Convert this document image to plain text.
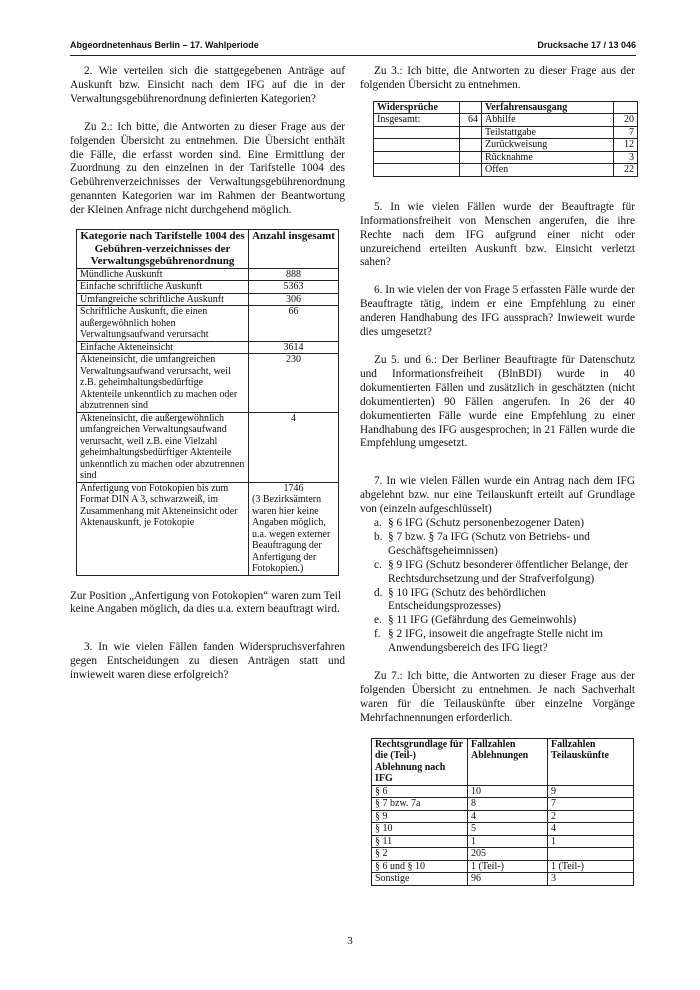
Abgeordnetenhaus Berlin – 17. Wahlperiode	Drucksache 17 / 13 046

2. Wie verteilen sich die stattgegebenen Anträge auf Auskunft bzw. Einsicht nach dem IFG auf die in der Verwaltungsgebührenordnung definierten Kategorien?

Zu 2.: Ich bitte, die Antworten zu dieser Frage aus der folgenden Übersicht zu entnehmen. Die Übersicht enthält die Fälle, die erfasst worden sind. Eine Ermittlung der Zuordnung zu den einzelnen in der Tarifstelle 1004 des Gebührenverzeichnisses der Verwaltungsgebührenordnung genannten Kategorien war im Rahmen der Beantwortung der Kleinen Anfrage nicht durchgehend möglich.

Kategorie nach Tarifstelle 1004 des Gebühren-verzeichnisses der Verwaltungsgebührenordnung	Anzahl insgesamt
Mündliche Auskunft	888
Einfache schriftliche Auskunft	5363
Umfangreiche schriftliche Auskunft	306
Schriftliche Auskunft, die einen außergewöhnlich hohen Verwaltungsaufwand verursacht	66
Einfache Akteneinsicht	3614
Akteneinsicht, die umfangreichen Verwaltungsaufwand verursacht, weil z.B. geheimhaltungsbedürftige Aktenteile unkenntlich zu machen oder abzutrennen sind	230
Akteneinsicht, die außergewöhnlich umfangreichen Verwaltungsaufwand verursacht, weil z.B. eine Vielzahl geheimhaltungsbedürftiger Aktenteile unkenntlich zu machen oder abzutrennen sind	4
Anfertigung von Fotokopien bis zum Format DIN A 3, schwarzweiß, im Zusammenhang mit Akteneinsicht oder Aktenauskunft, je Fotokopie	1746
(3 Bezirksämtern waren hier keine Angaben möglich, u.a. wegen externer Beauftragung der Anfertigung der Fotokopien.)

Zur Position „Anfertigung von Fotokopien“ waren zum Teil keine Angaben möglich, da dies u.a. extern beauftragt wird.

3. In wie vielen Fällen fanden Widerspruchsverfahren gegen Entscheidungen zu diesen Anträgen statt und inwieweit waren diese erfolgreich?

Zu 3.: Ich bitte, die Antworten zu dieser Frage aus der folgenden Übersicht zu entnehmen.

Widersprüche		Verfahrensausgang	
Insgesamt:	64	Abhilfe	20
		Teilstattgabe	7
		Zurückweisung	12
		Rücknahme	3
		Offen	22

5. In wie vielen Fällen wurde der Beauftragte für Informationsfreiheit von Menschen angerufen, die ihre Rechte nach dem IFG aufgrund einer nicht oder unzureichend erteilten Auskunft bzw. Einsicht verletzt sahen?

6. In wie vielen der von Frage 5 erfassten Fälle wurde der Beauftragte tätig, indem er eine Empfehlung zu einer anderen Handhabung des IFG aussprach? Inwieweit wurde dies umgesetzt?

Zu 5. und 6.: Der Berliner Beauftragte für Datenschutz und Informationsfreiheit (BlnBDI) wurde in 40 dokumentierten Fällen und zusätzlich in geschätzten (nicht dokumentierten) 90 Fällen angerufen. In 26 der 40 dokumentierten Fälle wurde eine Empfehlung zu einer Handhabung des IFG ausgesprochen; in 21 Fällen wurde die Empfehlung umgesetzt.

7. In wie vielen Fällen wurde ein Antrag nach dem IFG abgelehnt bzw. nur eine Teilauskunft erteilt auf Grundlage von (einzeln aufgeschlüsselt)

a. § 6 IFG (Schutz personenbezogener Daten)
b. § 7 bzw. § 7a IFG (Schutz von Betriebs- und Geschäftsgeheimnissen)
c. § 9 IFG (Schutz besonderer öffentlicher Belange, der Rechtsdurchsetzung und der Strafverfolgung)
d. § 10 IFG (Schutz des behördlichen Entscheidungsprozesses)
e. § 11 IFG (Gefährdung des Gemeinwohls)
f. § 2 IFG, insoweit die angefragte Stelle nicht im Anwendungsbereich des IFG liegt?

Zu 7.: Ich bitte, die Antworten zu dieser Frage aus der folgenden Übersicht zu entnehmen. Je nach Sachverhalt waren für die Teilauskünfte über einzelne Vorgänge Mehrfachnennungen erforderlich.

Rechtsgrundlage für die (Teil-) Ablehnung nach IFG	Fallzahlen Ablehnungen	Fallzahlen Teilauskünfte
§ 6	10	9
§ 7 bzw. 7a	8	7
§ 9	4	2
§ 10	5	4
§ 11	1	1
§ 2	205	
§ 6 und § 10	1 (Teil-)	1 (Teil-)
Sonstige	96	3
3
